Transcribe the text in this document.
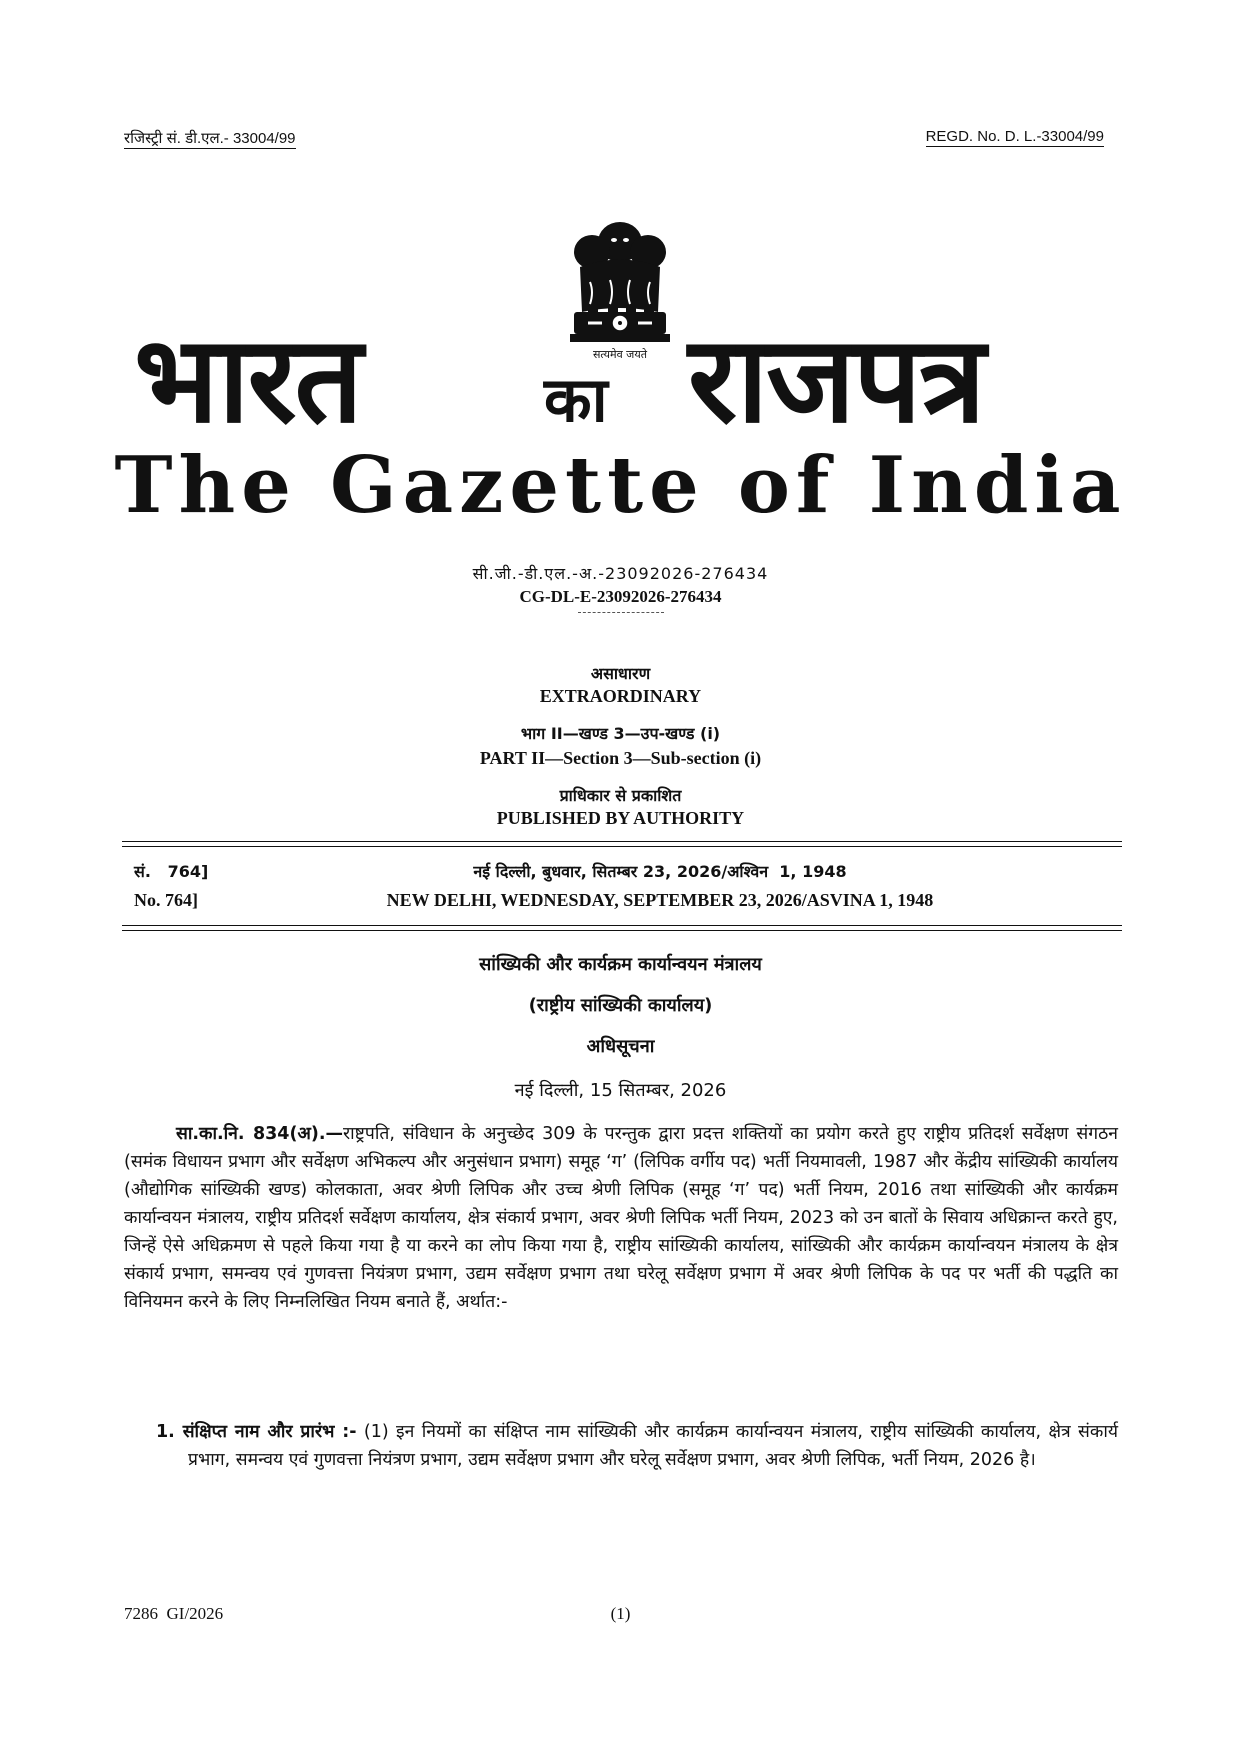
रजिस्ट्री सं. डी.एल.- 33004/99	REGD. No. D. L.-33004/99
सत्यमेव जयते
भारत	का राजपत्र
The Gazette of India
सी.जी.-डी.एल.-अ.-23092026-276434
CG-DL-E-23092026-276434
असाधारण
EXTRAORDINARY
भाग II—खण्ड 3—उप-खण्ड (i)
PART II—Section 3—Sub-section (i)
प्राधिकार से प्रकाशित
PUBLISHED BY AUTHORITY
सं.   764]	नई दिल्ली, बुधवार, सितम्बर 23, 2026/अश्विन  1, 1948
No. 764]	NEW DELHI, WEDNESDAY, SEPTEMBER 23, 2026/ASVINA 1, 1948
सांख्यिकी और कार्यक्रम कार्यान्वयन मंत्रालय
(राष्ट्रीय सांख्यिकी कार्यालय)
अधिसूचना
नई दिल्ली, 15 सितम्बर, 2026
सा.का.नि. 834(अ).—राष्ट्रपति, संविधान के अनुच्छेद 309 के परन्तुक द्वारा प्रदत्त शक्तियों का प्रयोग करते हुए राष्ट्रीय प्रतिदर्श सर्वेक्षण संगठन (समंक विधायन प्रभाग और सर्वेक्षण अभिकल्प और अनुसंधान प्रभाग) समूह ‘ग’ (लिपिक वर्गीय पद) भर्ती नियमावली, 1987 और केंद्रीय सांख्यिकी कार्यालय (औद्योगिक सांख्यिकी खण्ड) कोलकाता, अवर श्रेणी लिपिक और उच्च श्रेणी लिपिक (समूह ‘ग’ पद) भर्ती नियम, 2016 तथा सांख्यिकी और कार्यक्रम कार्यान्वयन मंत्रालय, राष्ट्रीय प्रतिदर्श सर्वेक्षण कार्यालय, क्षेत्र संकार्य प्रभाग, अवर श्रेणी लिपिक भर्ती नियम, 2023 को उन बातों के सिवाय अधिक्रान्त करते हुए, जिन्हें ऐसे अधिक्रमण से पहले किया गया है या करने का लोप किया गया है, राष्ट्रीय सांख्यिकी कार्यालय, सांख्यिकी और कार्यक्रम कार्यान्वयन मंत्रालय के क्षेत्र संकार्य प्रभाग, समन्वय एवं गुणवत्ता नियंत्रण प्रभाग, उद्यम सर्वेक्षण प्रभाग तथा घरेलू सर्वेक्षण प्रभाग में अवर श्रेणी लिपिक के पद पर भर्ती की पद्धति का विनियमन करने के लिए निम्नलिखित नियम बनाते हैं, अर्थात:-
1. संक्षिप्त नाम और प्रारंभ :- (1) इन नियमों का संक्षिप्त नाम सांख्यिकी और कार्यक्रम कार्यान्वयन मंत्रालय, राष्ट्रीय सांख्यिकी कार्यालय, क्षेत्र संकार्य प्रभाग, समन्वय एवं गुणवत्ता नियंत्रण प्रभाग, उद्यम सर्वेक्षण प्रभाग और घरेलू सर्वेक्षण प्रभाग, अवर श्रेणी लिपिक, भर्ती नियम, 2026 है।
7286  GI/2026	(1)
